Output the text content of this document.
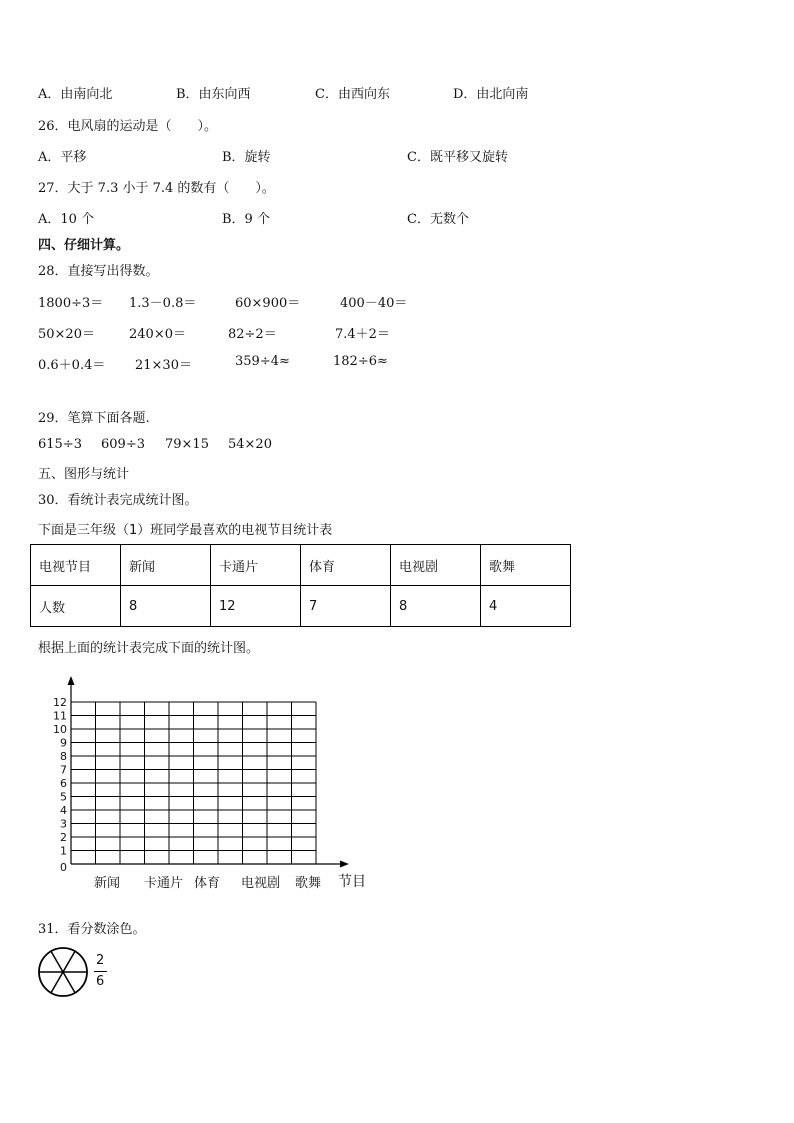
A．由南向北	B．由东向西	C．由西向东	D．由北向南
26．电风扇的运动是（　　）。
A．平移	B．旋转	C．既平移又旋转
27．大于 7.3 小于 7.4 的数有（　　）。
A．10 个	B．9 个	C．无数个
四、仔细计算。
28．直接写出得数。
1800÷3＝ 1.3－0.8＝	60×900＝	400－40＝
50×20＝	240×0＝	82÷2＝	7.4＋2＝
0.6＋0.4＝ 21×30＝	359÷4≈	182÷6≈
29．笔算下面各题.
615÷3 609÷3 79×15 54×20
五、图形与统计
30．看统计表完成统计图。
下面是三年级（1）班同学最喜欢的电视节目统计表
电视节目	新闻	卡通片	体育	电视剧	歌舞
人数	8	12	7	8	4
根据上面的统计表完成下面的统计图。
0
1
2
3
4
5
6
7
8
9
10
11
12
新闻 卡通片 体育 电视剧 歌舞 节目
31．看分数涂色。
2
6
